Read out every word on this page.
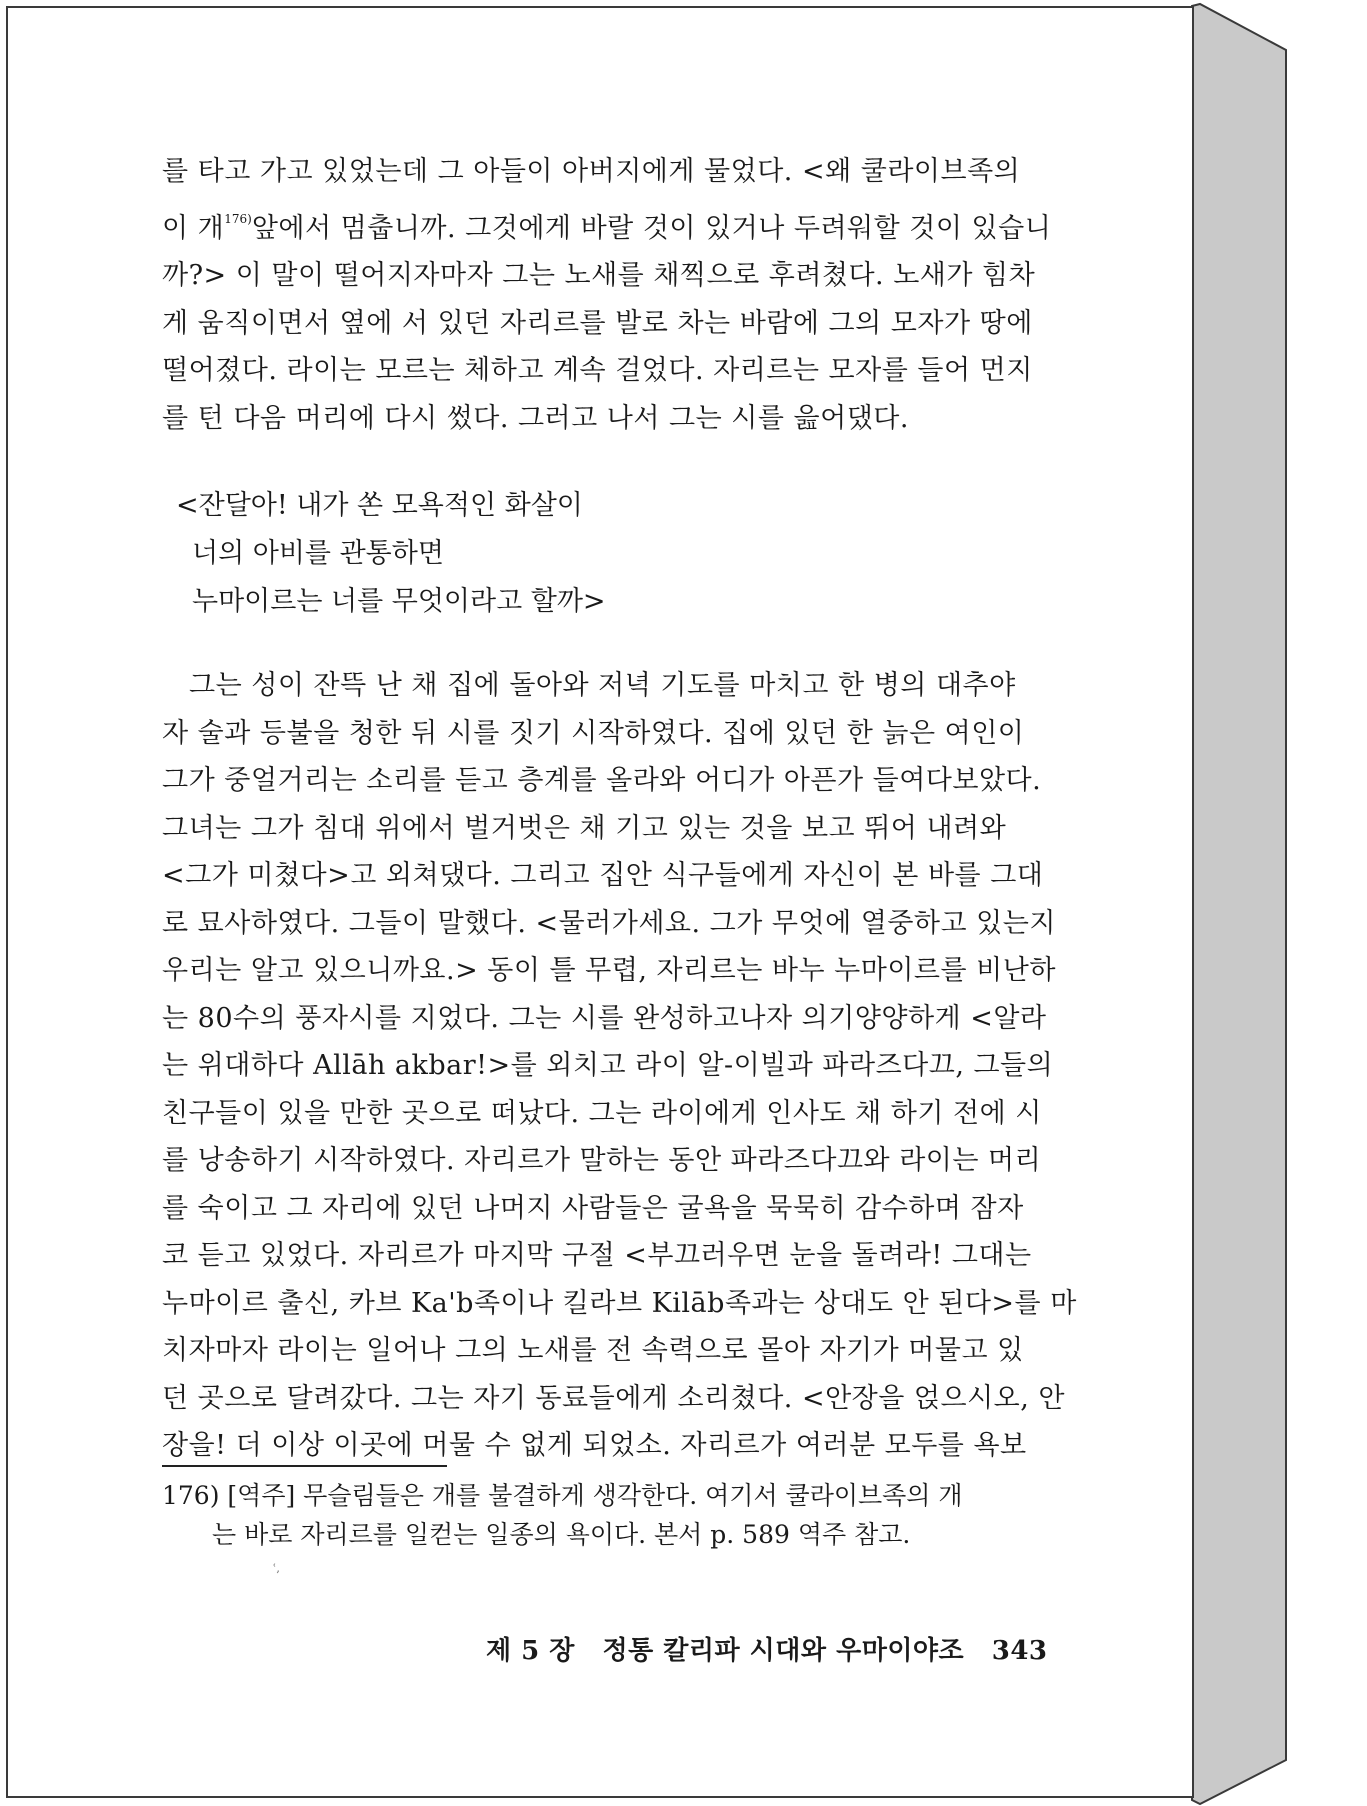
를 타고 가고 있었는데 그 아들이 아버지에게 물었다. <왜 쿨라이브족의
이 개$^{176)}$앞에서 멈춥니까. 그것에게 바랄 것이 있거나 두려워할 것이 있습니
까?> 이 말이 떨어지자마자 그는 노새를 채찍으로 후려쳤다. 노새가 힘차
게 움직이면서 옆에 서 있던 자리르를 발로 차는 바람에 그의 모자가 땅에
떨어졌다. 라이는 모르는 체하고 계속 걸었다. 자리르는 모자를 들어 먼지
를 턴 다음 머리에 다시 썼다. 그러고 나서 그는 시를 읊어댔다.
<잔달아! 내가 쏜 모욕적인 화살이
너의 아비를 관통하면
누마이르는 너를 무엇이라고 할까>
그는 성이 잔뜩 난 채 집에 돌아와 저녁 기도를 마치고 한 병의 대추야
자 술과 등불을 청한 뒤 시를 짓기 시작하였다. 집에 있던 한 늙은 여인이
그가 중얼거리는 소리를 듣고 층계를 올라와 어디가 아픈가 들여다보았다.
그녀는 그가 침대 위에서 벌거벗은 채 기고 있는 것을 보고 뛰어 내려와
<그가 미쳤다>고 외쳐댔다. 그리고 집안 식구들에게 자신이 본 바를 그대
로 묘사하였다. 그들이 말했다. <물러가세요. 그가 무엇에 열중하고 있는지
우리는 알고 있으니까요.> 동이 틀 무렵, 자리르는 바누 누마이르를 비난하
는 80수의 풍자시를 지었다. 그는 시를 완성하고나자 의기양양하게 <알라
는 위대하다 Allāh akbar!>를 외치고 라이 알-이빌과 파라즈다끄, 그들의
친구들이 있을 만한 곳으로 떠났다. 그는 라이에게 인사도 채 하기 전에 시
를 낭송하기 시작하였다. 자리르가 말하는 동안 파라즈다끄와 라이는 머리
를 숙이고 그 자리에 있던 나머지 사람들은 굴욕을 묵묵히 감수하며 잠자
코 듣고 있었다. 자리르가 마지막 구절 <부끄러우면 눈을 돌려라! 그대는
누마이르 출신, 카브 Ka'b족이나 킬라브 Kilāb족과는 상대도 안 된다>를 마
치자마자 라이는 일어나 그의 노새를 전 속력으로 몰아 자기가 머물고 있
던 곳으로 달려갔다. 그는 자기 동료들에게 소리쳤다. <안장을 얹으시오, 안
장을! 더 이상 이곳에 머물 수 없게 되었소. 자리르가 여러분 모두를 욕보
176) [역주] 무슬림들은 개를 불결하게 생각한다. 여기서 쿨라이브족의 개
는 바로 자리르를 일컫는 일종의 욕이다. 본서 p. 589 역주 참고.
ʿ,
제 5 장 정통 칼리파 시대와 우마이야조 343
